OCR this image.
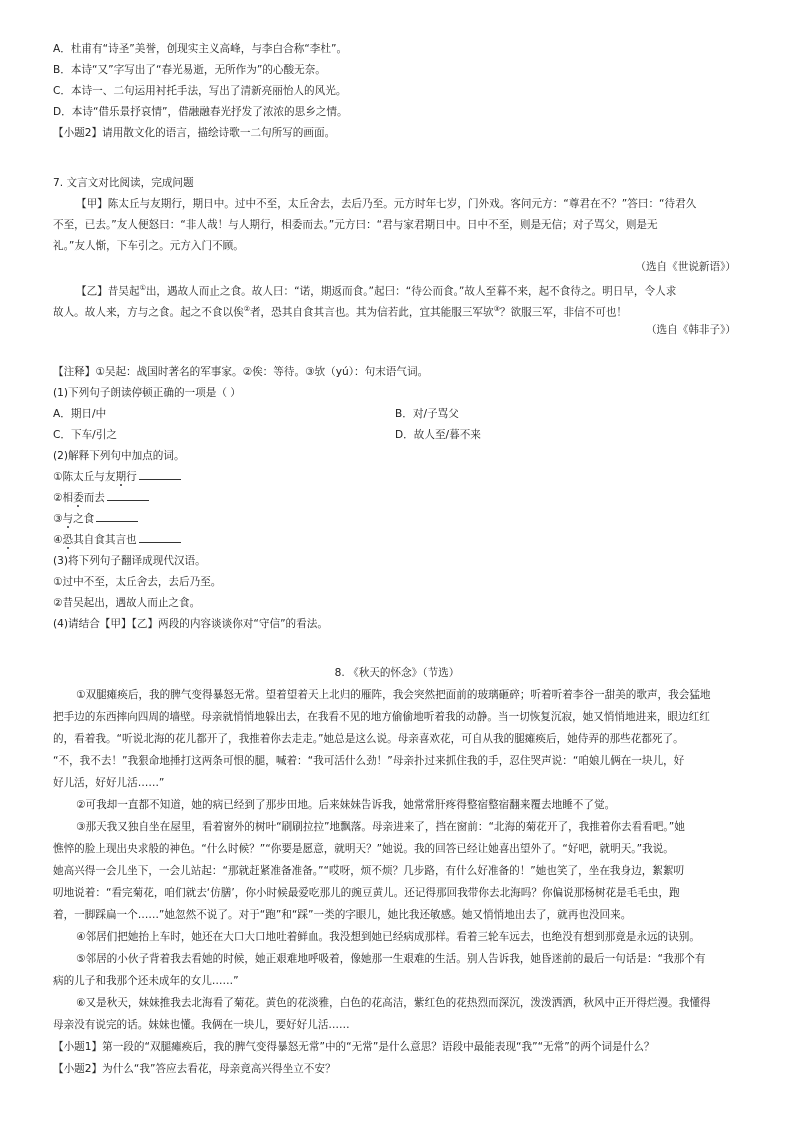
A．杜甫有“诗圣”美誉，创现实主义高峰，与李白合称“李杜”。
B．本诗“又”字写出了“春光易逝，无所作为”的心酸无奈。
C．本诗一、二句运用衬托手法，写出了清新亮丽怡人的风光。
D．本诗“借乐景抒哀情”，借融融春光抒发了浓浓的思乡之情。
【小题2】请用散文化的语言，描绘诗歌一二句所写的画面。
7. 文言文对比阅读，完成问题
【甲】陈太丘与友期行，期日中。过中不至，太丘舍去，去后乃至。元方时年七岁，门外戏。客问元方：“尊君在不？”答曰：“待君久
不至，已去。”友人便怒曰：“非人哉！与人期行，相委而去。”元方曰：“君与家君期日中。日中不至，则是无信；对子骂父，则是无
礼。”友人惭，下车引之。元方入门不顾。
（选自《世说新语》）
【乙】昔吴起①出，遇故人而止之食。故人曰：“诺，期返而食。”起曰：“待公而食。”故人至暮不来，起不食待之。明日早，令人求
故人。故人来，方与之食。起之不食以俟②者，恐其自食其言也。其为信若此，宜其能服三军欤③？欲服三军，非信不可也！
（选自《韩非子》）
【注释】①吴起：战国时著名的军事家。②俟：等待。③欤（yú）：句末语气词。
(1)下列句子朗读停顿正确的一项是（ ）
A．期日/中	B．对/子骂父
C．下车/引之	D．故人至/暮不来
(2)解释下列句中加点的词。
①陈太丘与友期行
②相委而去
③与之食
④恐其自食其言也
(3)将下列句子翻译成现代汉语。
①过中不至，太丘舍去，去后乃至。
②昔吴起出，遇故人而止之食。
(4)请结合【甲】【乙】两段的内容谈谈你对“守信”的看法。
8. 《秋天的怀念》（节选）
①双腿瘫痪后，我的脾气变得暴怒无常。望着望着天上北归的雁阵，我会突然把面前的玻璃砸碎；听着听着李谷一甜美的歌声，我会猛地
把手边的东西摔向四周的墙壁。母亲就悄悄地躲出去，在我看不见的地方偷偷地听着我的动静。当一切恢复沉寂，她又悄悄地进来，眼边红红
的，看着我。“听说北海的花儿都开了，我推着你去走走。”她总是这么说。母亲喜欢花，可自从我的腿瘫痪后，她侍弄的那些花都死了。
“不，我不去！”我狠命地捶打这两条可恨的腿，喊着：“我可活什么劲！”母亲扑过来抓住我的手，忍住哭声说：“咱娘儿俩在一块儿，好
好儿活，好好儿活……”
②可我却一直都不知道，她的病已经到了那步田地。后来妹妹告诉我，她常常肝疼得整宿整宿翻来覆去地睡不了觉。
③那天我又独自坐在屋里，看着窗外的树叶“刷刷拉拉”地飘落。母亲进来了，挡在窗前：“北海的菊花开了，我推着你去看看吧。”她
憔悴的脸上现出央求般的神色。“什么时候？”“你要是愿意，就明天？”她说。我的回答已经让她喜出望外了。“好吧，就明天。”我说。
她高兴得一会儿坐下，一会儿站起：“那就赶紧准备准备。”“哎呀，烦不烦？几步路，有什么好准备的！”她也笑了，坐在我身边，絮絮叨
叨地说着：“看完菊花，咱们就去‘仿膳’，你小时候最爱吃那儿的豌豆黄儿。还记得那回我带你去北海吗？你偏说那杨树花是毛毛虫，跑
着，一脚踩扁一个……”她忽然不说了。对于“跑”和“踩”一类的字眼儿，她比我还敏感。她又悄悄地出去了，就再也没回来。
④邻居们把她抬上车时，她还在大口大口地吐着鲜血。我没想到她已经病成那样。看着三轮车远去，也绝没有想到那竟是永远的诀别。
⑤邻居的小伙子背着我去看她的时候，她正艰难地呼吸着，像她那一生艰难的生活。别人告诉我，她昏迷前的最后一句话是：“我那个有
病的儿子和我那个还未成年的女儿……”
⑥又是秋天，妹妹推我去北海看了菊花。黄色的花淡雅，白色的花高洁，紫红色的花热烈而深沉，泼泼洒洒，秋风中正开得烂漫。我懂得
母亲没有说完的话。妹妹也懂。我俩在一块儿，要好好儿活……
【小题1】第一段的“双腿瘫痪后，我的脾气变得暴怒无常”中的“无常”是什么意思？语段中最能表现“我”“无常”的两个词是什么？
【小题2】为什么“我”答应去看花，母亲竟高兴得坐立不安？
